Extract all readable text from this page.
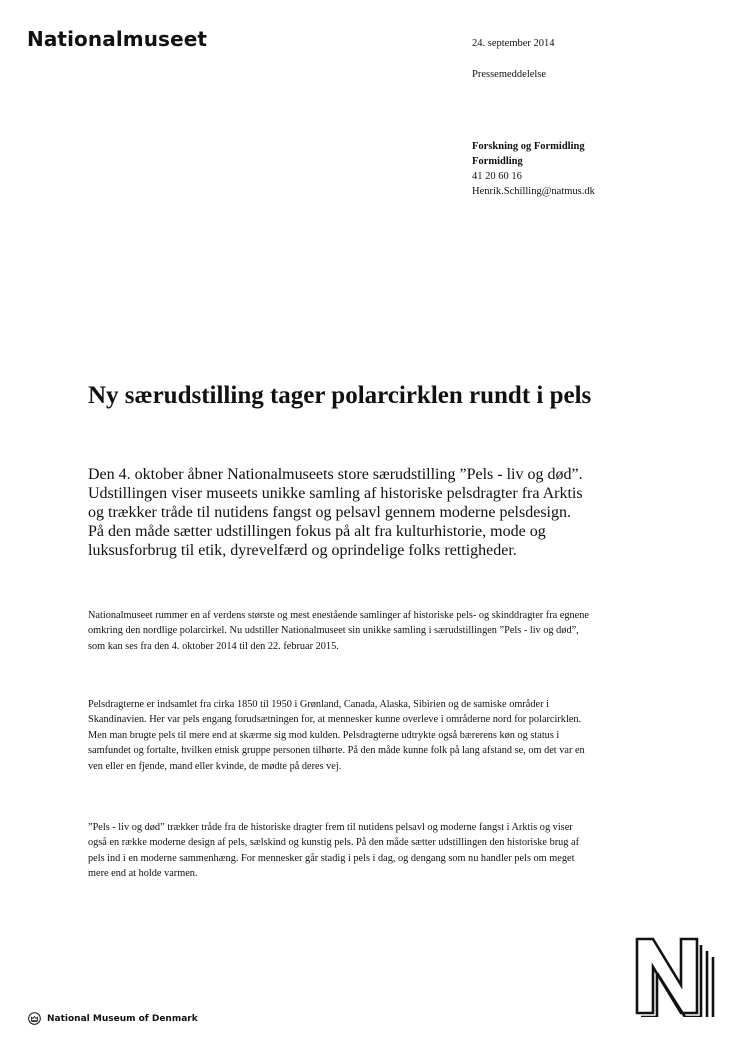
Nationalmuseet	24. september 2014
Pressemeddelelse
Forskning og Formidling
Formidling
41 20 60 16
Henrik.Schilling@natmus.dk
Ny særudstilling tager polarcirklen rundt i pels

Den 4. oktober åbner Nationalmuseets store særudstilling ”Pels - liv og død”. Udstillingen viser museets unikke samling af historiske pelsdragter fra Arktis og trækker tråde til nutidens fangst og pelsavl gennem moderne pelsdesign. På den måde sætter udstillingen fokus på alt fra kulturhistorie, mode og luksusforbrug til etik, dyrevelfærd og oprindelige folks rettigheder.

Nationalmuseet rummer en af verdens største og mest enestående samlinger af historiske pels- og skinddragter fra egnene omkring den nordlige polarcirkel. Nu udstiller Nationalmuseet sin unikke samling i særudstillingen ”Pels - liv og død”, som kan ses fra den 4. oktober 2014 til den 22. februar 2015.

Pelsdragterne er indsamlet fra cirka 1850 til 1950 i Grønland, Canada, Alaska, Sibirien og de samiske områder i Skandinavien. Her var pels engang forudsætningen for, at mennesker kunne overleve i områderne nord for polarcirklen. Men man brugte pels til mere end at skærme sig mod kulden. Pelsdragterne udtrykte også bærerens køn og status i samfundet og fortalte, hvilken etnisk gruppe personen tilhørte. På den måde kunne folk på lang afstand se, om det var en ven eller en fjende, mand eller kvinde, de mødte på deres vej.

”Pels - liv og død” trækker tråde fra de historiske dragter frem til nutidens pelsavl og moderne fangst i Arktis og viser også en række moderne design af pels, sælskind og kunstig pels. På den måde sætter udstillingen den historiske brug af pels ind i en moderne sammenhæng. For mennesker går stadig i pels i dag, og dengang som nu handler pels om meget mere end at holde varmen.

National Museum of Denmark
